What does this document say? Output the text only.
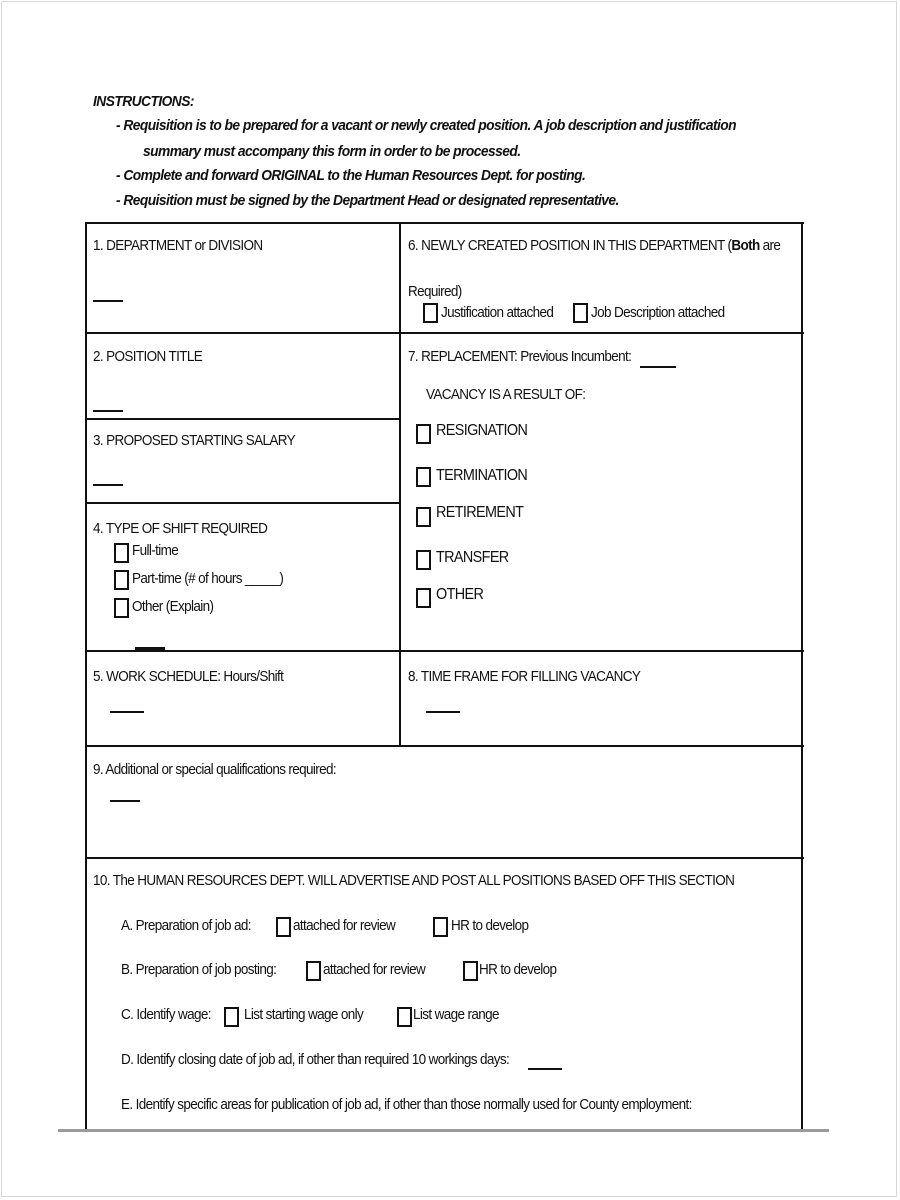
INSTRUCTIONS:
- Requisition is to be prepared for a vacant or newly created position. A job description and justification
summary must accompany this form in order to be processed.
- Complete and forward ORIGINAL to the Human Resources Dept. for posting.
- Requisition must be signed by the Department Head or designated representative.
1. DEPARTMENT or DIVISION	6. NEWLY CREATED POSITION IN THIS DEPARTMENT (Both are
Required)
Justification attached	Job Description attached
2. POSITION TITLE
3. PROPOSED STARTING SALARY
4. TYPE OF SHIFT REQUIRED
Full-time
Part-time (# of hours _____)
Other (Explain)
7. REPLACEMENT: Previous Incumbent:
VACANCY IS A RESULT OF:
RESIGNATION
TERMINATION
RETIREMENT
TRANSFER
OTHER
5. WORK SCHEDULE: Hours/Shift	8. TIME FRAME FOR FILLING VACANCY
9. Additional or special qualifications required:
10. The HUMAN RESOURCES DEPT. WILL ADVERTISE AND POST ALL POSITIONS BASED OFF THIS SECTION
A. Preparation of job ad:	attached for review	HR to develop
B. Preparation of job posting:	attached for review	HR to develop
C. Identify wage: List starting wage only	List wage range
D. Identify closing date of job ad, if other than required 10 workings days:
E. Identify specific areas for publication of job ad, if other than those normally used for County employment:
